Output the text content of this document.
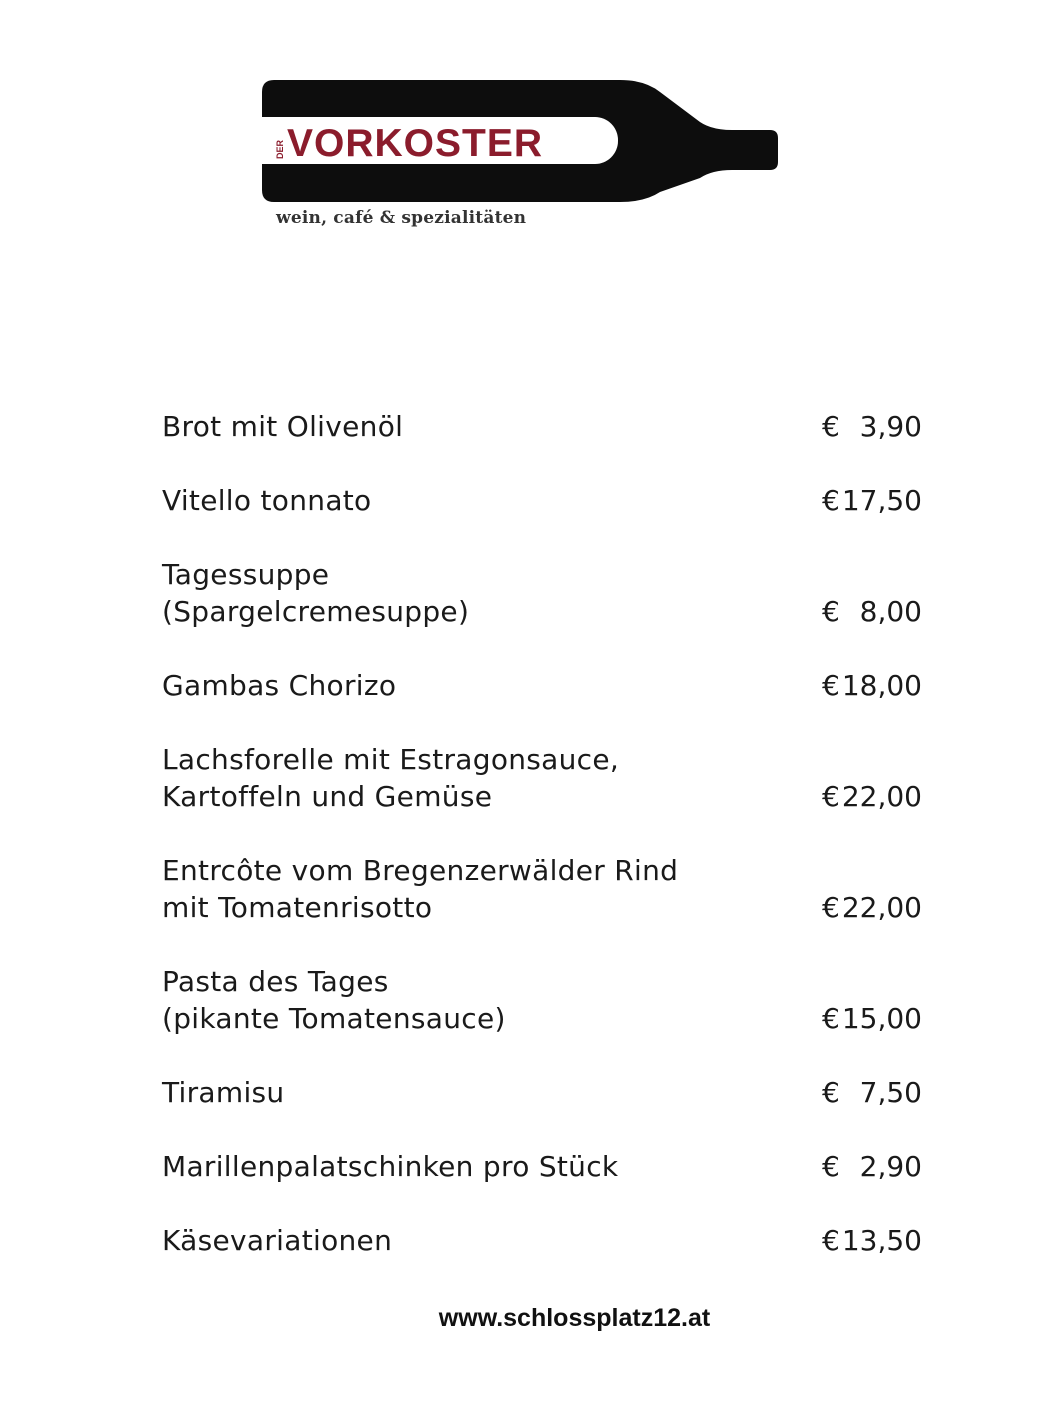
DER VORKOSTER
wein, café & spezialitäten
Brot mit Olivenöl	€ 3,90
Vitello tonnato	€ 17,50
Tagessuppe
(Spargelcremesuppe)	€ 8,00
Gambas Chorizo	€ 18,00
Lachsforelle mit Estragonsauce,
Kartoffeln und Gemüse	€ 22,00
Entrcôte vom Bregenzerwälder Rind
mit Tomatenrisotto	€ 22,00
Pasta des Tages
(pikante Tomatensauce)	€ 15,00
Tiramisu	€ 7,50
Marillenpalatschinken pro Stück	€ 2,90
Käsevariationen	€ 13,50
www.schlossplatz12.at
